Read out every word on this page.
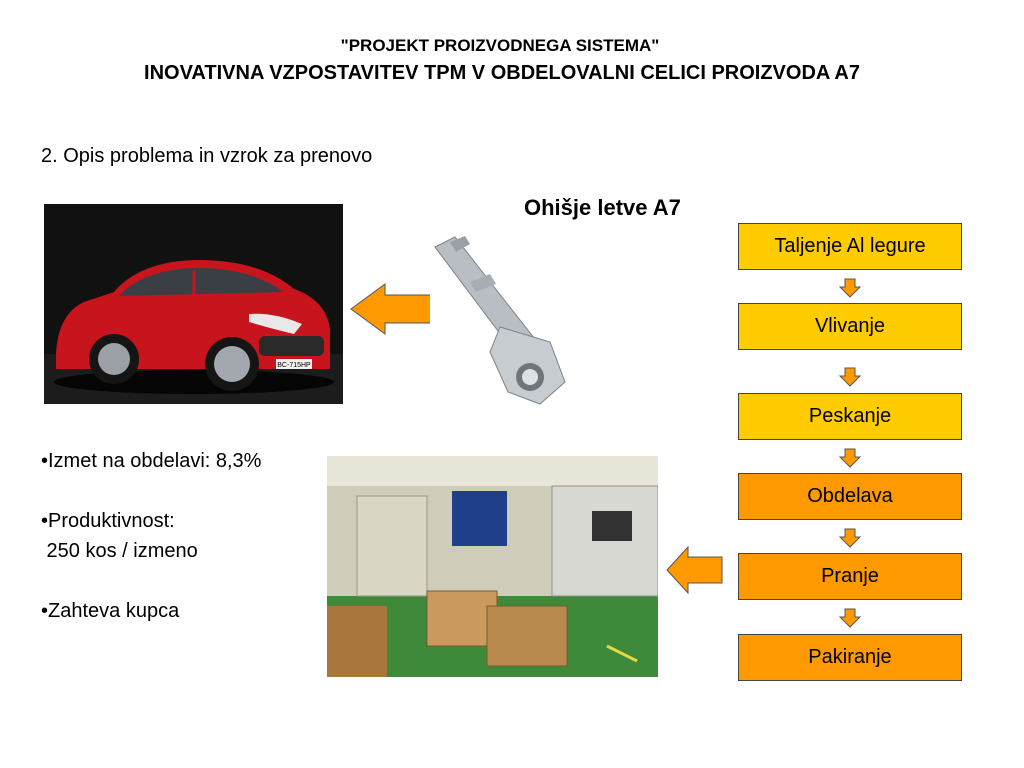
"PROJEKT PROIZVODNEGA SISTEMA"
INOVATIVNA VZPOSTAVITEV TPM V OBDELOVALNI CELICI PROIZVODA A7
2. Opis problema in vzrok za prenovo
Ohišje letve A7
BC-715HP

•Izmet na obdelavi: 8,3%

•Produktivnost:

250 kos / izmeno

•Zahteva kupca

Taljenje Al legure
Vlivanje
Peskanje
Obdelava
Pranje
Pakiranje
